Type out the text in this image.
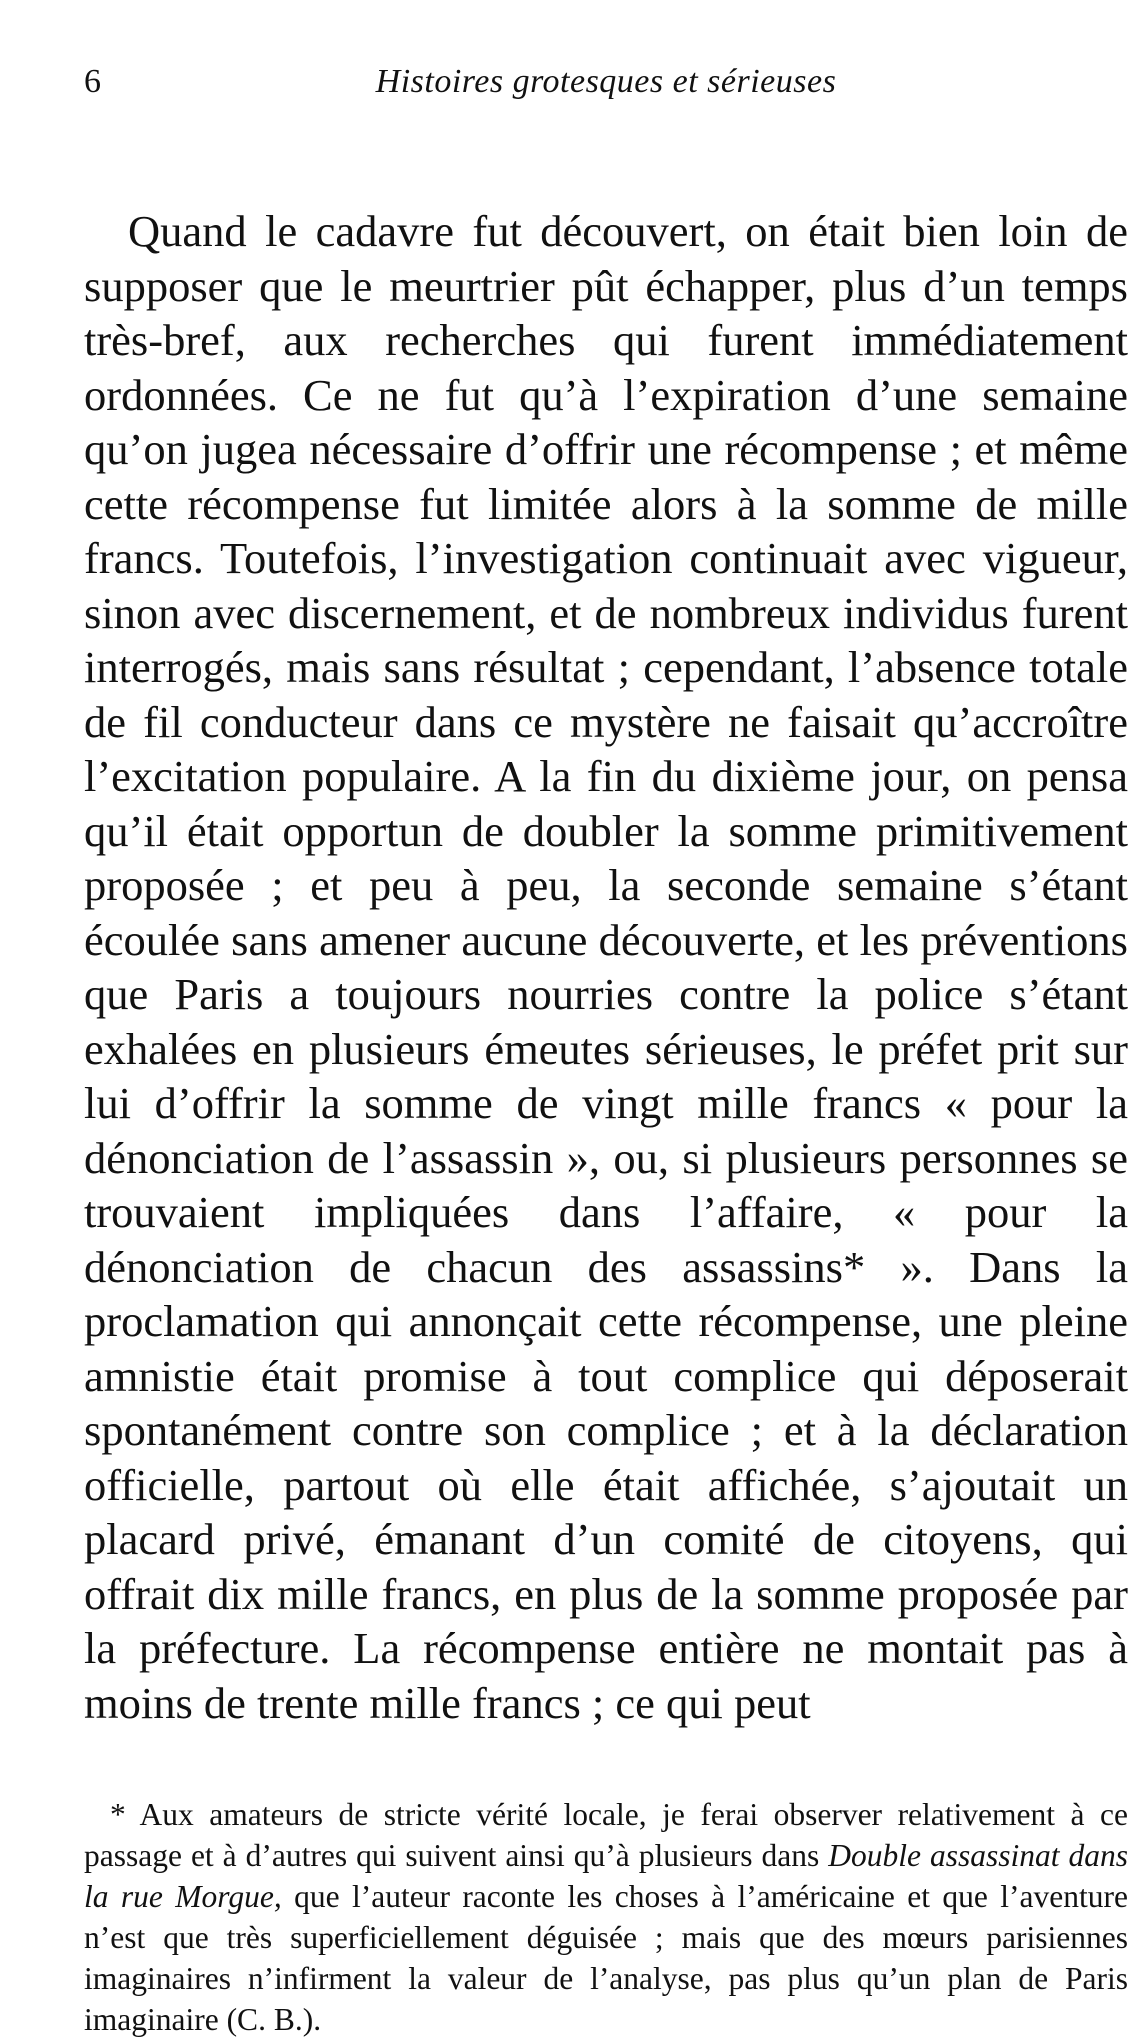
6	Histoires grotesques et sérieuses

Quand le cadavre fut découvert, on était bien loin de supposer que le meurtrier pût échapper, plus d’un temps très-bref, aux recherches qui furent immédiatement ordonnées. Ce ne fut qu’à l’expiration d’une semaine qu’on jugea nécessaire d’offrir une récompense ; et même cette récompense fut limitée alors à la somme de mille francs. Toutefois, l’investigation continuait avec vigueur, sinon avec discernement, et de nombreux individus furent interrogés, mais sans résultat ; cependant, l’absence totale de fil conducteur dans ce mystère ne faisait qu’accroître l’excitation populaire. A la fin du dixième jour, on pensa qu’il était opportun de doubler la somme primitivement proposée ; et peu à peu, la seconde semaine s’étant écoulée sans amener aucune découverte, et les préventions que Paris a toujours nourries contre la police s’étant exhalées en plusieurs émeutes sérieuses, le préfet prit sur lui d’offrir la somme de vingt mille francs « pour la dénonciation de l’assassin », ou, si plusieurs personnes se trouvaient impliquées dans l’affaire, « pour la dénonciation de chacun des assassins* ». Dans la proclamation qui annonçait cette récompense, une pleine amnistie était promise à tout complice qui déposerait spontanément contre son complice ; et à la déclaration officielle, partout où elle était affichée, s’ajoutait un placard privé, émanant d’un comité de citoyens, qui offrait dix mille francs, en plus de la somme proposée par la préfecture. La récompense entière ne montait pas à moins de trente mille francs ; ce qui peut

* Aux amateurs de stricte vérité locale, je ferai observer relativement à ce passage et à d’autres qui suivent ainsi qu’à plusieurs dans Double assassinat dans la rue Morgue, que l’auteur raconte les choses à l’américaine et que l’aventure n’est que très superficiellement déguisée ; mais que des mœurs parisiennes imaginaires n’infirment la valeur de l’analyse, pas plus qu’un plan de Paris imaginaire (C. B.).
